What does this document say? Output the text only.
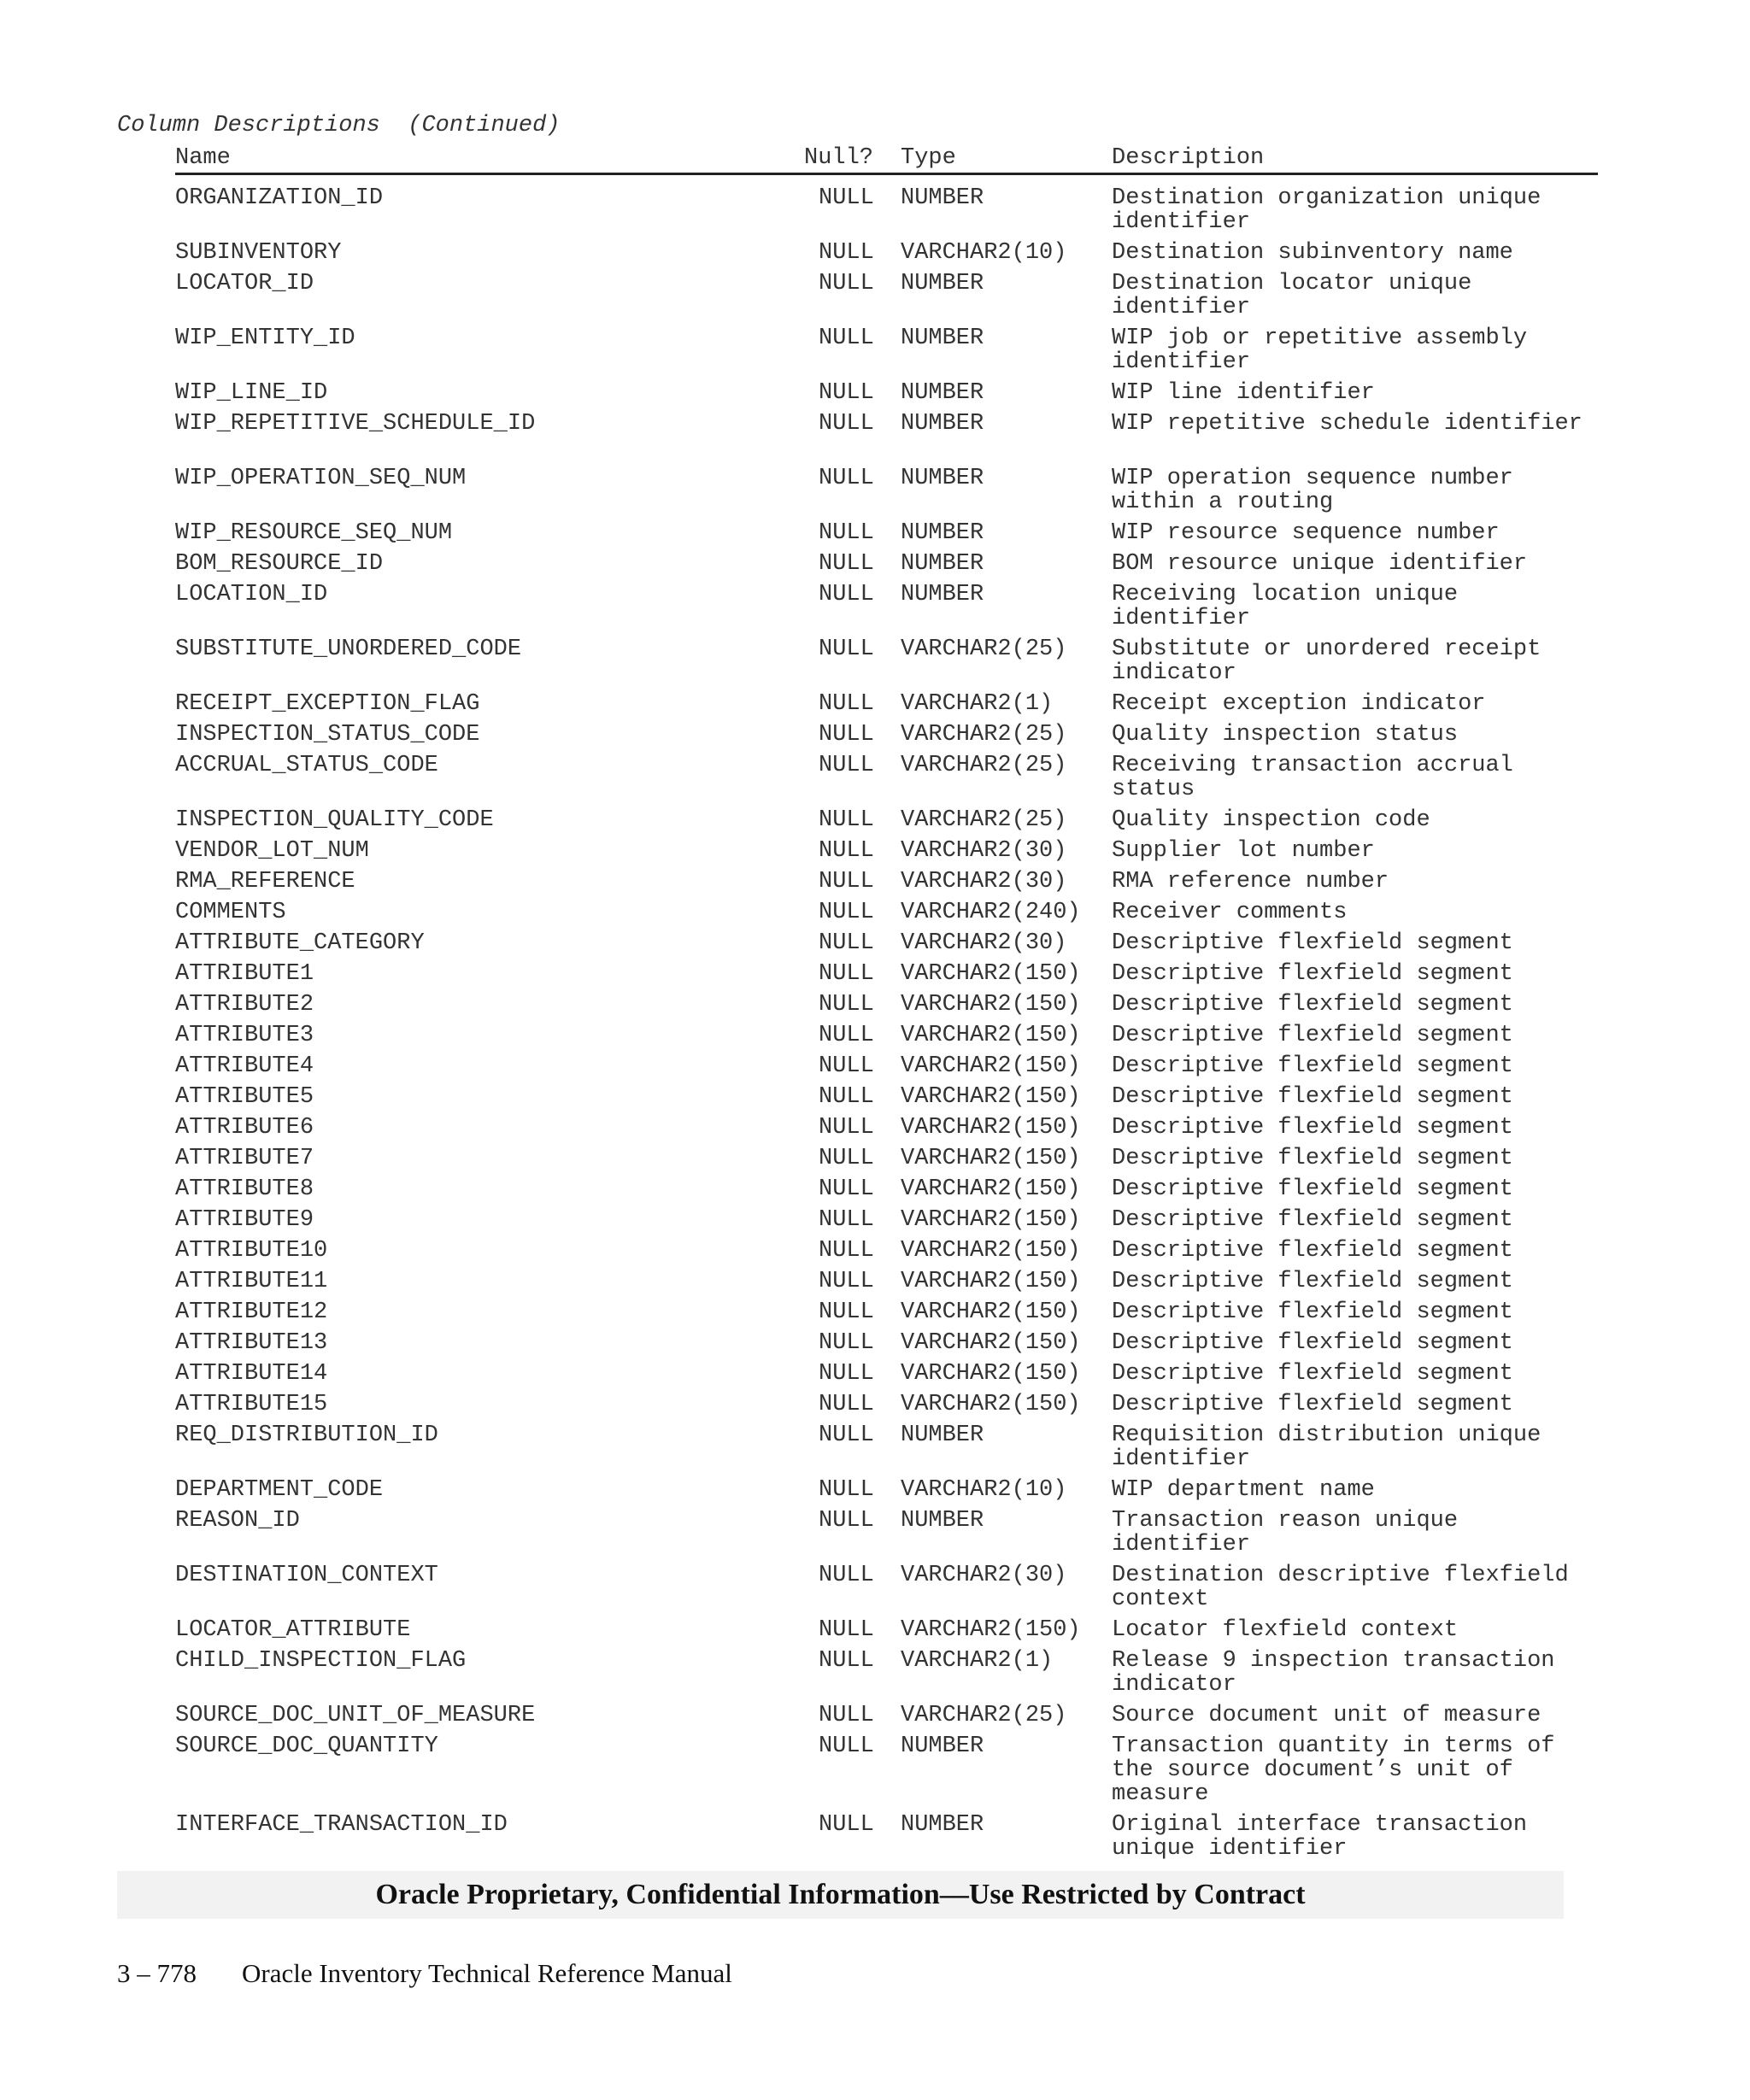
Column Descriptions  (Continued)

Name	Null? Type	Description
ORGANIZATION_ID	NULL NUMBER	Destination organization unique identifier
SUBINVENTORY	NULL VARCHAR2(10) Destination subinventory name
LOCATOR_ID	NULL NUMBER	Destination locator unique identifier
WIP_ENTITY_ID	NULL NUMBER	WIP job or repetitive assembly identifier
WIP_LINE_ID	NULL NUMBER	WIP line identifier
WIP_REPETITIVE_SCHEDULE_ID	NULL NUMBER	WIP repetitive schedule identifier
WIP_OPERATION_SEQ_NUM	NULL NUMBER	WIP operation sequence number within a routing
WIP_RESOURCE_SEQ_NUM	NULL NUMBER	WIP resource sequence number
BOM_RESOURCE_ID	NULL NUMBER	BOM resource unique identifier
LOCATION_ID	NULL NUMBER	Receiving location unique identifier
SUBSTITUTE_UNORDERED_CODE	NULL VARCHAR2(25) Substitute or unordered receipt indicator
RECEIPT_EXCEPTION_FLAG	NULL VARCHAR2(1)	Receipt exception indicator
INSPECTION_STATUS_CODE	NULL VARCHAR2(25) Quality inspection status
ACCRUAL_STATUS_CODE	NULL VARCHAR2(25) Receiving transaction accrual status
INSPECTION_QUALITY_CODE	NULL VARCHAR2(25) Quality inspection code
VENDOR_LOT_NUM	NULL VARCHAR2(30) Supplier lot number
RMA_REFERENCE	NULL VARCHAR2(30) RMA reference number
COMMENTS	NULL VARCHAR2(240) Receiver comments
ATTRIBUTE_CATEGORY	NULL VARCHAR2(30) Descriptive flexfield segment
ATTRIBUTE1	NULL VARCHAR2(150) Descriptive flexfield segment
ATTRIBUTE2	NULL VARCHAR2(150) Descriptive flexfield segment
ATTRIBUTE3	NULL VARCHAR2(150) Descriptive flexfield segment
ATTRIBUTE4	NULL VARCHAR2(150) Descriptive flexfield segment
ATTRIBUTE5	NULL VARCHAR2(150) Descriptive flexfield segment
ATTRIBUTE6	NULL VARCHAR2(150) Descriptive flexfield segment
ATTRIBUTE7	NULL VARCHAR2(150) Descriptive flexfield segment
ATTRIBUTE8	NULL VARCHAR2(150) Descriptive flexfield segment
ATTRIBUTE9	NULL VARCHAR2(150) Descriptive flexfield segment
ATTRIBUTE10	NULL VARCHAR2(150) Descriptive flexfield segment
ATTRIBUTE11	NULL VARCHAR2(150) Descriptive flexfield segment
ATTRIBUTE12	NULL VARCHAR2(150) Descriptive flexfield segment
ATTRIBUTE13	NULL VARCHAR2(150) Descriptive flexfield segment
ATTRIBUTE14	NULL VARCHAR2(150) Descriptive flexfield segment
ATTRIBUTE15	NULL VARCHAR2(150) Descriptive flexfield segment
REQ_DISTRIBUTION_ID	NULL NUMBER	Requisition distribution unique identifier
DEPARTMENT_CODE	NULL VARCHAR2(10) WIP department name
REASON_ID	NULL NUMBER	Transaction reason unique identifier
DESTINATION_CONTEXT	NULL VARCHAR2(30) Destination descriptive flexfield context
LOCATOR_ATTRIBUTE	NULL VARCHAR2(150) Locator flexfield context
CHILD_INSPECTION_FLAG	NULL VARCHAR2(1)	Release 9 inspection transaction indicator
SOURCE_DOC_UNIT_OF_MEASURE	NULL VARCHAR2(25) Source document unit of measure
SOURCE_DOC_QUANTITY	NULL NUMBER	Transaction quantity in terms of the source document’s unit of measure
INTERFACE_TRANSACTION_ID	NULL NUMBER	Original interface transaction unique identifier
Oracle Proprietary, Confidential Information––Use Restricted by Contract
3 – 778 Oracle Inventory Technical Reference Manual
